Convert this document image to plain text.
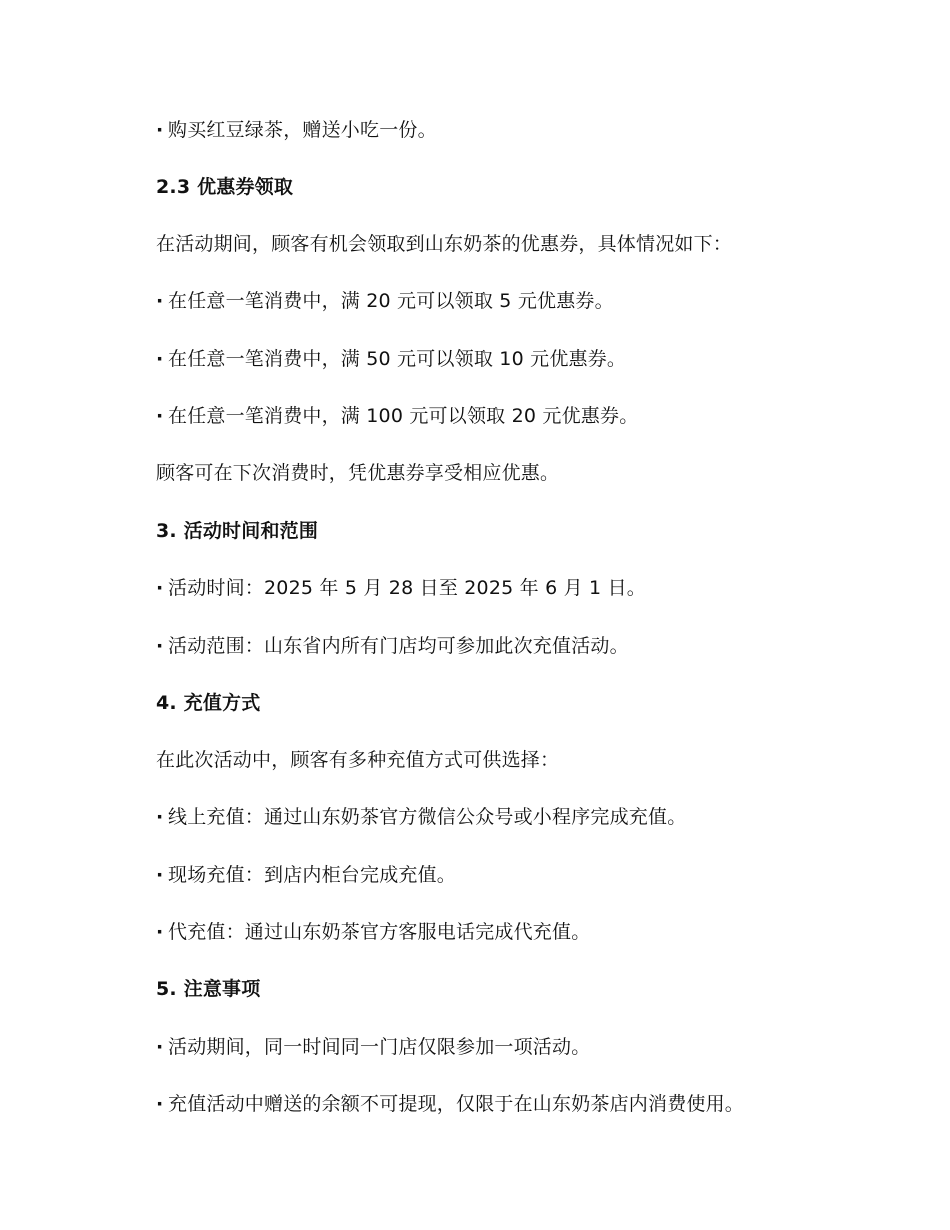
· 购买红豆绿茶，赠送小吃一份。
2.3 优惠券领取
在活动期间，顾客有机会领取到山东奶茶的优惠券，具体情况如下：
· 在任意一笔消费中，满 20 元可以领取 5 元优惠券。
· 在任意一笔消费中，满 50 元可以领取 10 元优惠券。
· 在任意一笔消费中，满 100 元可以领取 20 元优惠券。
顾客可在下次消费时，凭优惠券享受相应优惠。
3. 活动时间和范围
· 活动时间：2025 年 5 月 28 日至 2025 年 6 月 1 日。
· 活动范围：山东省内所有门店均可参加此次充值活动。
4. 充值方式
在此次活动中，顾客有多种充值方式可供选择：
· 线上充值：通过山东奶茶官方微信公众号或小程序完成充值。
· 现场充值：到店内柜台完成充值。
· 代充值：通过山东奶茶官方客服电话完成代充值。
5. 注意事项
· 活动期间，同一时间同一门店仅限参加一项活动。
· 充值活动中赠送的余额不可提现，仅限于在山东奶茶店内消费使用。
